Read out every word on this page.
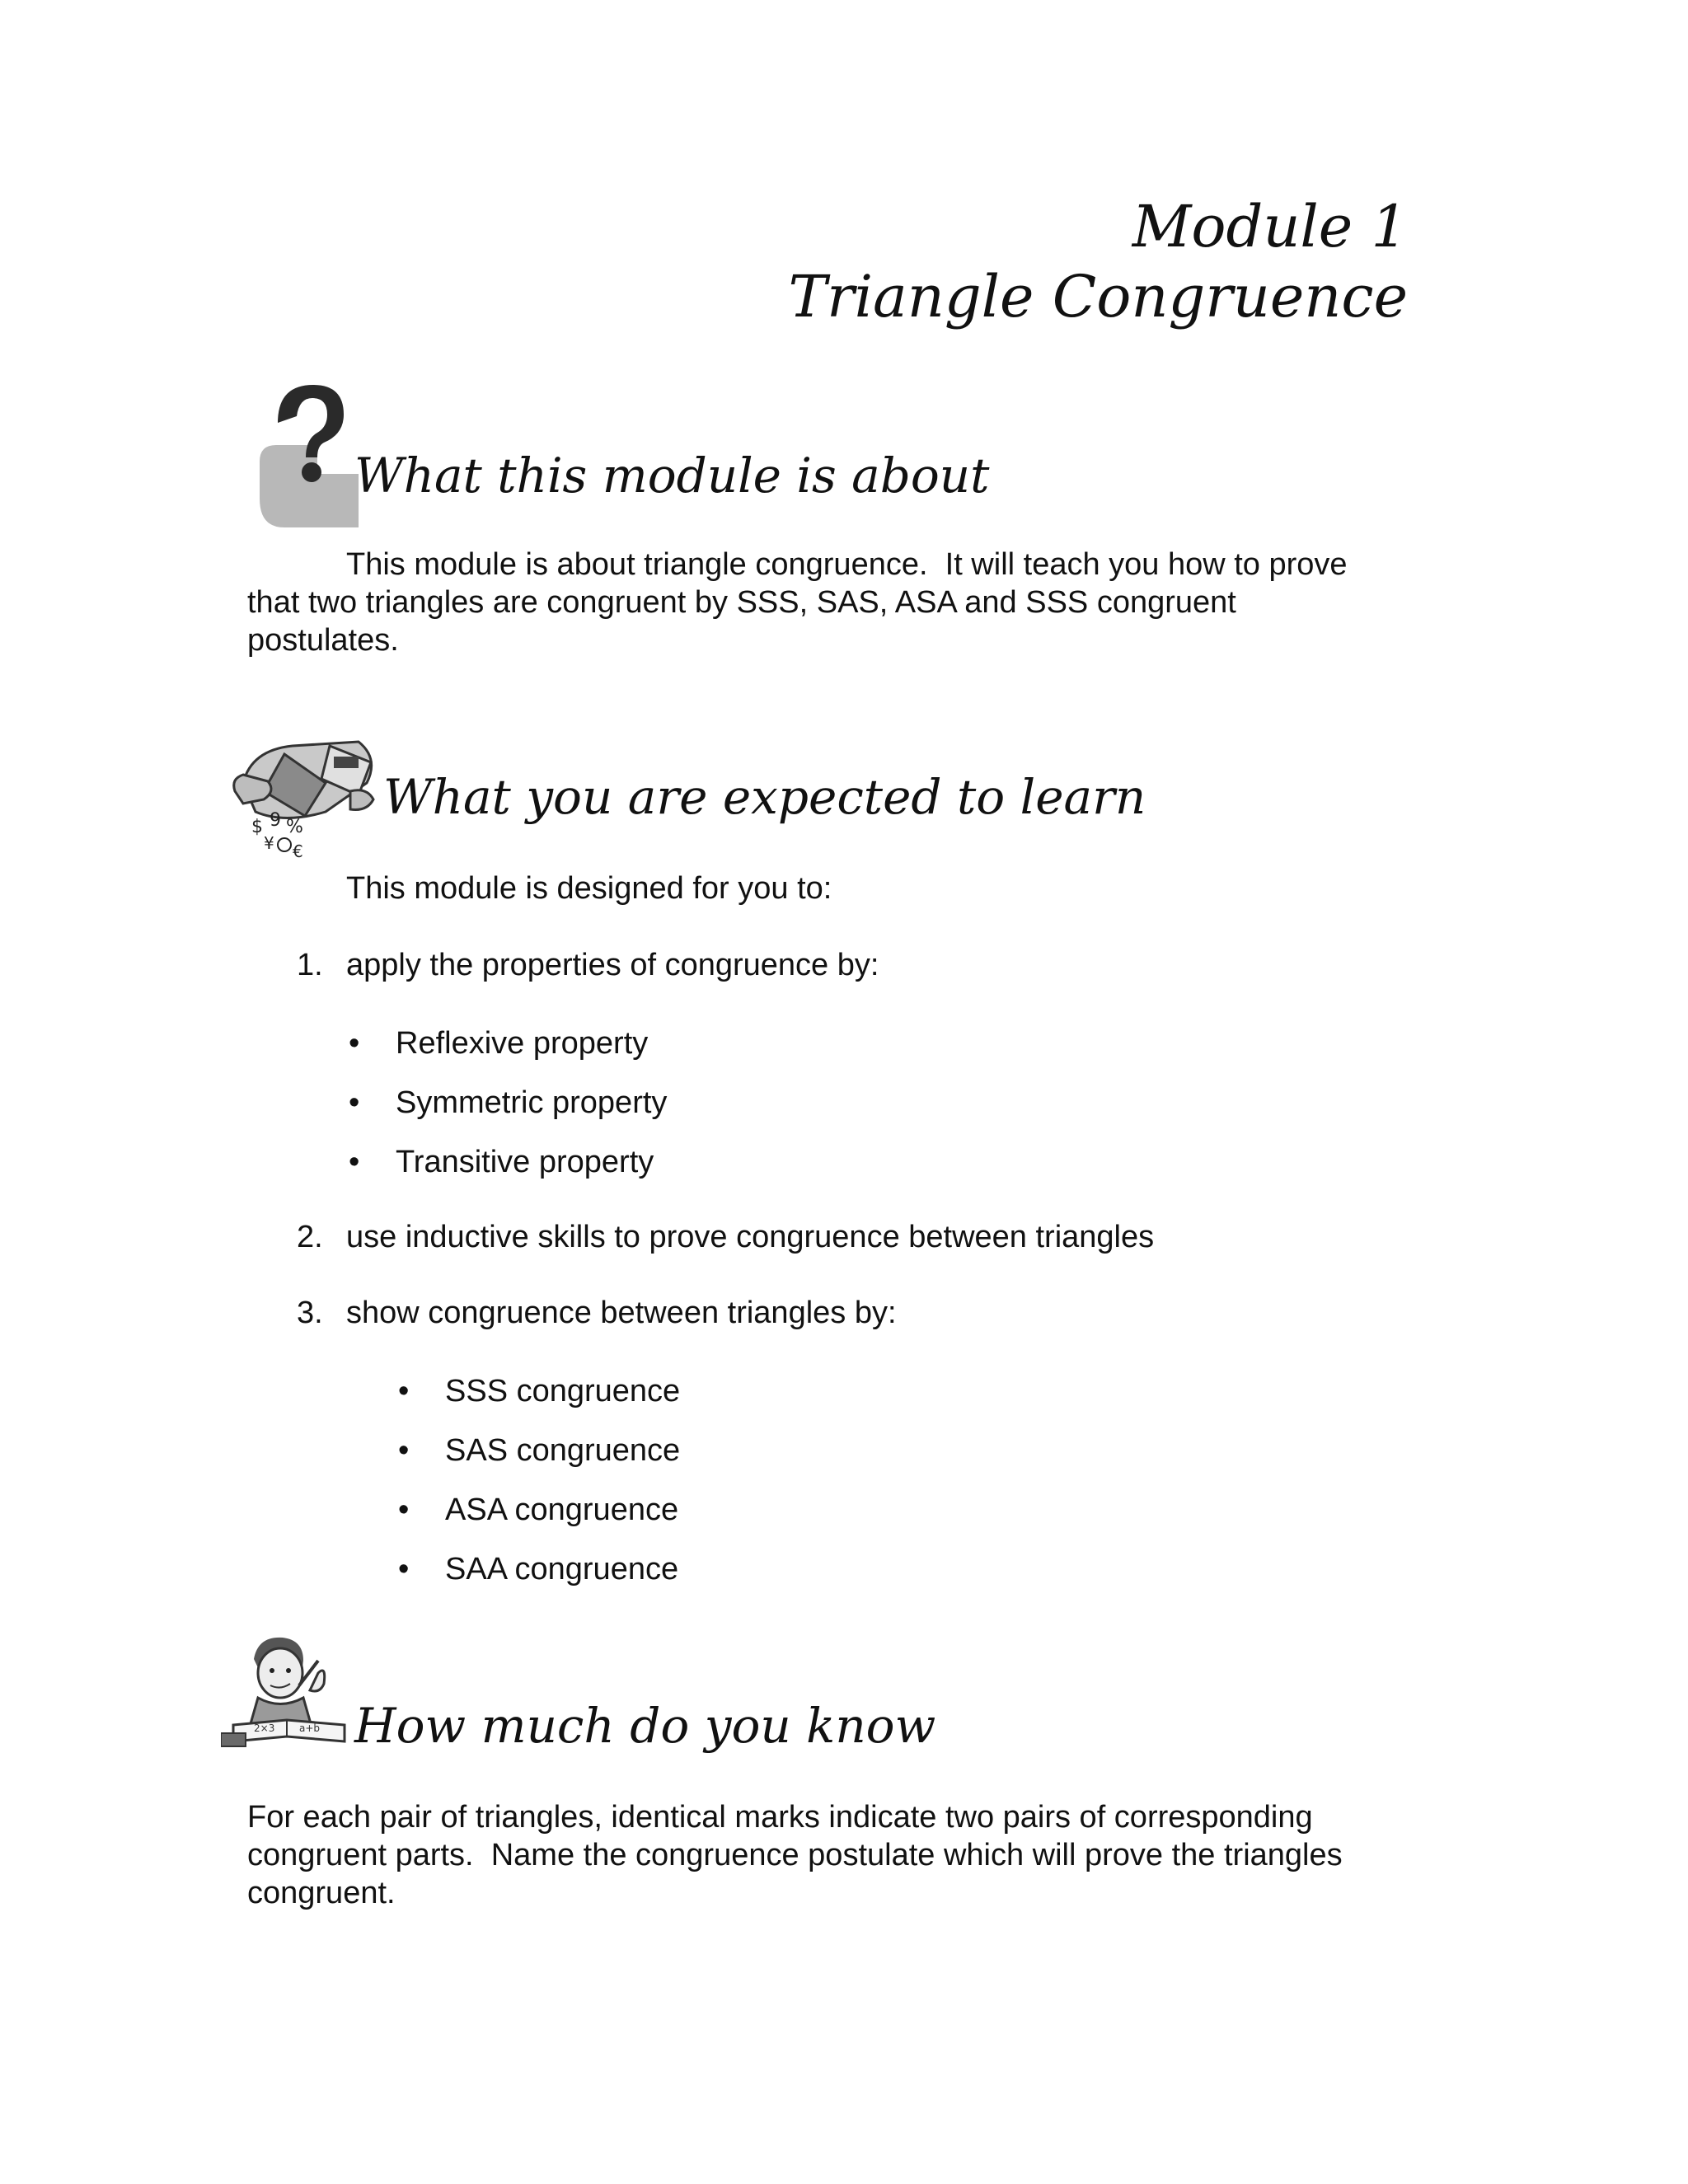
Module 1
Triangle Congruence
What this module is about
This module is about triangle congruence.  It will teach you how to prove
that two triangles are congruent by SSS, SAS, ASA and SSS congruent
postulates.
$ 9 %
¥ €
What you are expected to learn
This module is designed for you to:
1. apply the properties of congruence by:
• Reflexive property
• Symmetric property
• Transitive property
2. use inductive skills to prove congruence between triangles
3. show congruence between triangles by:
• SSS congruence
• SAS congruence
• ASA congruence
• SAA congruence
2×3 a+b How much do you know
For each pair of triangles, identical marks indicate two pairs of corresponding
congruent parts.  Name the congruence postulate which will prove the triangles
congruent.
